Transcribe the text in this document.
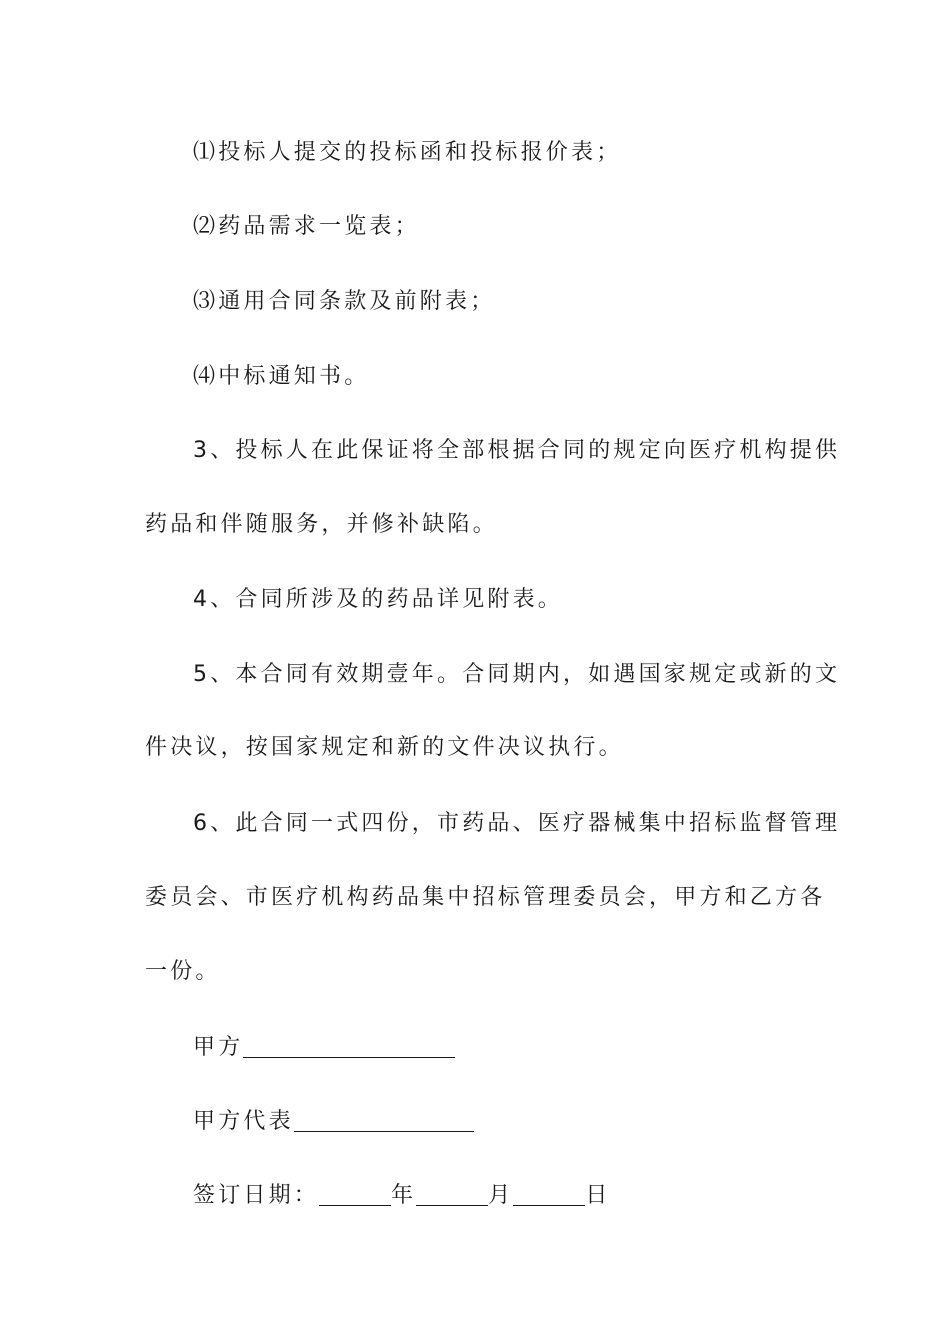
⑴投标人提交的投标函和投标报价表；
⑵药品需求一览表；
⑶通用合同条款及前附表；
⑷中标通知书。
3、投标人在此保证将全部根据合同的规定向医疗机构提供
药品和伴随服务，并修补缺陷。
4、合同所涉及的药品详见附表。
5、本合同有效期壹年。合同期内，如遇国家规定或新的文
件决议，按国家规定和新的文件决议执行。
6、此合同一式四份，市药品、医疗器械集中招标监督管理
委员会、市医疗机构药品集中招标管理委员会，甲方和乙方各
一份。
甲方
甲方代表
签订日期：	年	月	日
